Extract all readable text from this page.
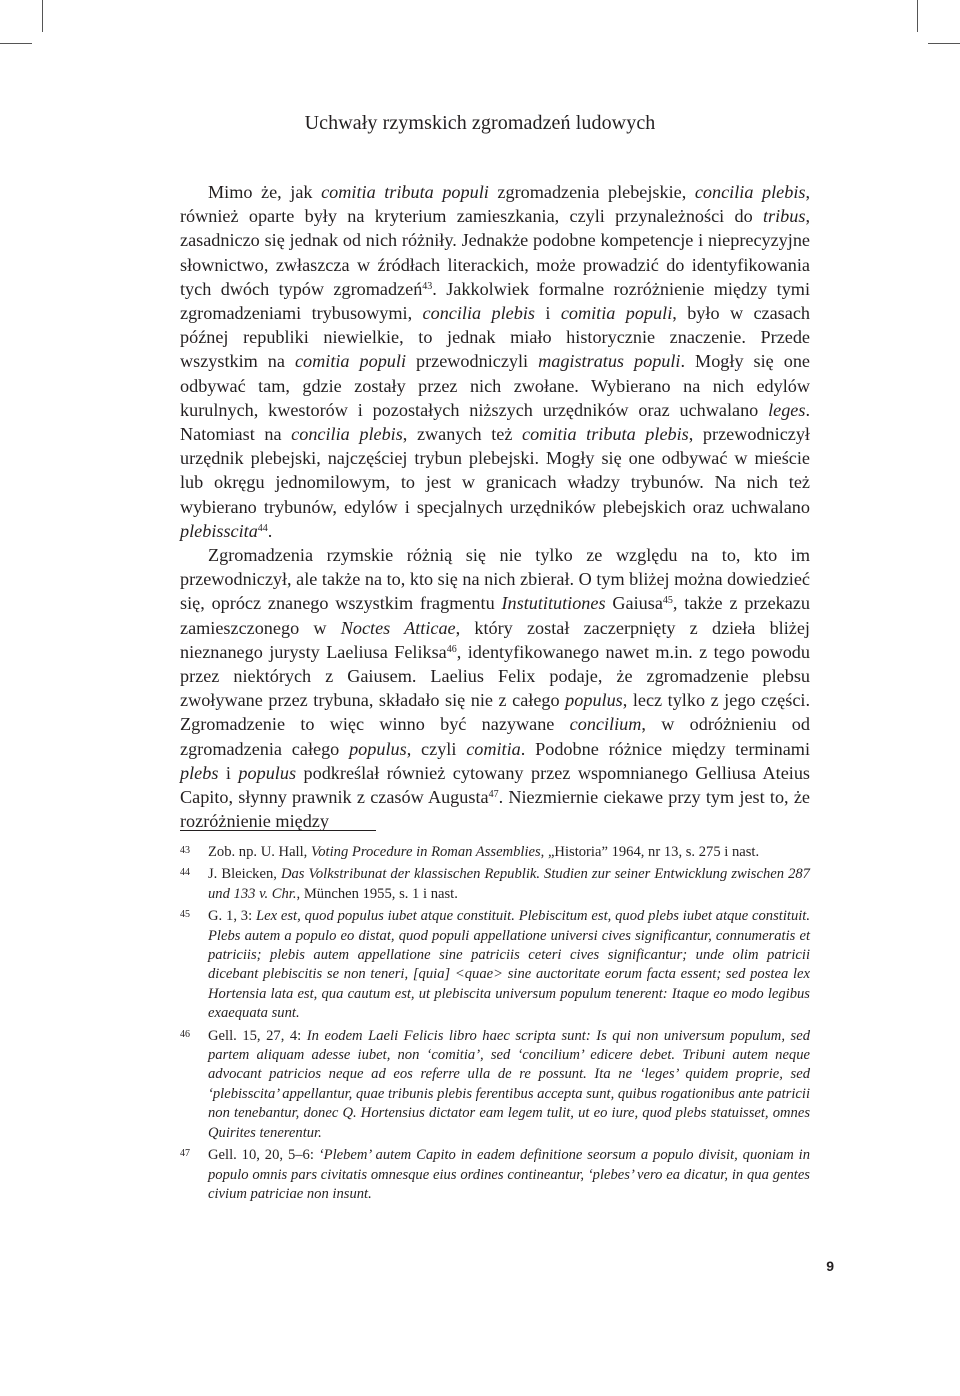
Uchwały rzymskich zgromadzeń ludowych

Mimo że, jak comitia tributa populi zgromadzenia plebejskie, concilia plebis, również oparte były na kryterium zamieszkania, czyli przynależności do tribus, zasadniczo się jednak od nich różniły. Jednakże podobne kompetencje i nieprecyzyjne słownictwo, zwłaszcza w źródłach literackich, może prowadzić do identyfikowania tych dwóch typów zgromadzeń$^{43}$. Jakkolwiek formalne rozróżnienie między tymi zgromadzeniami trybusowymi, concilia plebis i comitia populi, było w czasach późnej republiki niewielkie, to jednak miało historycznie znaczenie. Przede wszystkim na comitia populi przewodniczyli magistratus populi. Mogły się one odbywać tam, gdzie zostały przez nich zwołane. Wybierano na nich edylów kurulnych, kwestorów i pozostałych niższych urzędników oraz uchwalano leges. Natomiast na concilia plebis, zwanych też comitia tributa plebis, przewodniczył urzędnik plebejski, najczęściej trybun plebejski. Mogły się one odbywać w mieście lub okręgu jednomilowym, to jest w granicach władzy trybunów. Na nich też wybierano trybunów, edylów i specjalnych urzędników plebejskich oraz uchwalano plebisscita$^{44}$.

Zgromadzenia rzymskie różnią się nie tylko ze względu na to, kto im przewodniczył, ale także na to, kto się na nich zbierał. O tym bliżej można dowiedzieć się, oprócz znanego wszystkim fragmentu Instutitutiones Gaiusa$^{45}$, także z przekazu zamieszczonego w Noctes Atticae, który został zaczerpnięty z dzieła bliżej nieznanego jurysty Laeliusa Feliksa$^{46}$, identyfikowanego nawet m.in. z tego powodu przez niektórych z Gaiusem. Laelius Felix podaje, że zgromadzenie plebsu zwoływane przez trybuna, składało się nie z całego populus, lecz tylko z jego części. Zgromadzenie to więc winno być nazywane concilium, w odróżnieniu od zgromadzenia całego populus, czyli comitia. Podobne różnice między terminami plebs i populus podkreślał również cytowany przez wspomnianego Gelliusa Ateius Capito, słynny prawnik z czasów Augusta$^{47}$. Niezmiernie ciekawe przy tym jest to, że rozróżnienie między

43 Zob. np. U. Hall, Voting Procedure in Roman Assemblies, „Historia” 1964, nr 13, s. 275 i nast.
44 J. Bleicken, Das Volkstribunat der klassischen Republik. Studien zur seiner Entwicklung zwischen 287 und 133 v. Chr., München 1955, s. 1 i nast.
45 G. 1, 3: Lex est, quod populus iubet atque constituit. Plebiscitum est, quod plebs iubet atque constituit. Plebs autem a populo eo distat, quod populi appellatione universi cives significantur, connumeratis et patriciis; plebis autem appellatione sine patriciis ceteri cives significantur; unde olim patricii dicebant plebiscitis se non teneri, [quia] <quae> sine auctoritate eorum facta essent; sed postea lex Hortensia lata est, qua cautum est, ut plebiscita universum populum tenerent: Itaque eo modo legibus exaequata sunt.
46 Gell. 15, 27, 4: In eodem Laeli Felicis libro haec scripta sunt: Is qui non universum populum, sed partem aliquam adesse iubet, non ‘comitia’, sed ‘concilium’ edicere debet. Tribuni autem neque advocant patricios neque ad eos referre ulla de re possunt. Ita ne ‘leges’ quidem proprie, sed ‘plebisscita’ appellantur, quae tribunis plebis ferentibus accepta sunt, quibus rogationibus ante patricii non tenebantur, donec Q. Hortensius dictator eam legem tulit, ut eo iure, quod plebs statuisset, omnes Quirites tenerentur.
47 Gell. 10, 20, 5–6: ‘Plebem’ autem Capito in eadem definitione seorsum a populo divisit, quoniam in populo omnis pars civitatis omnesque eius ordines contineantur, ‘plebes’ vero ea dicatur, in qua gentes civium patriciae non insunt.
9
